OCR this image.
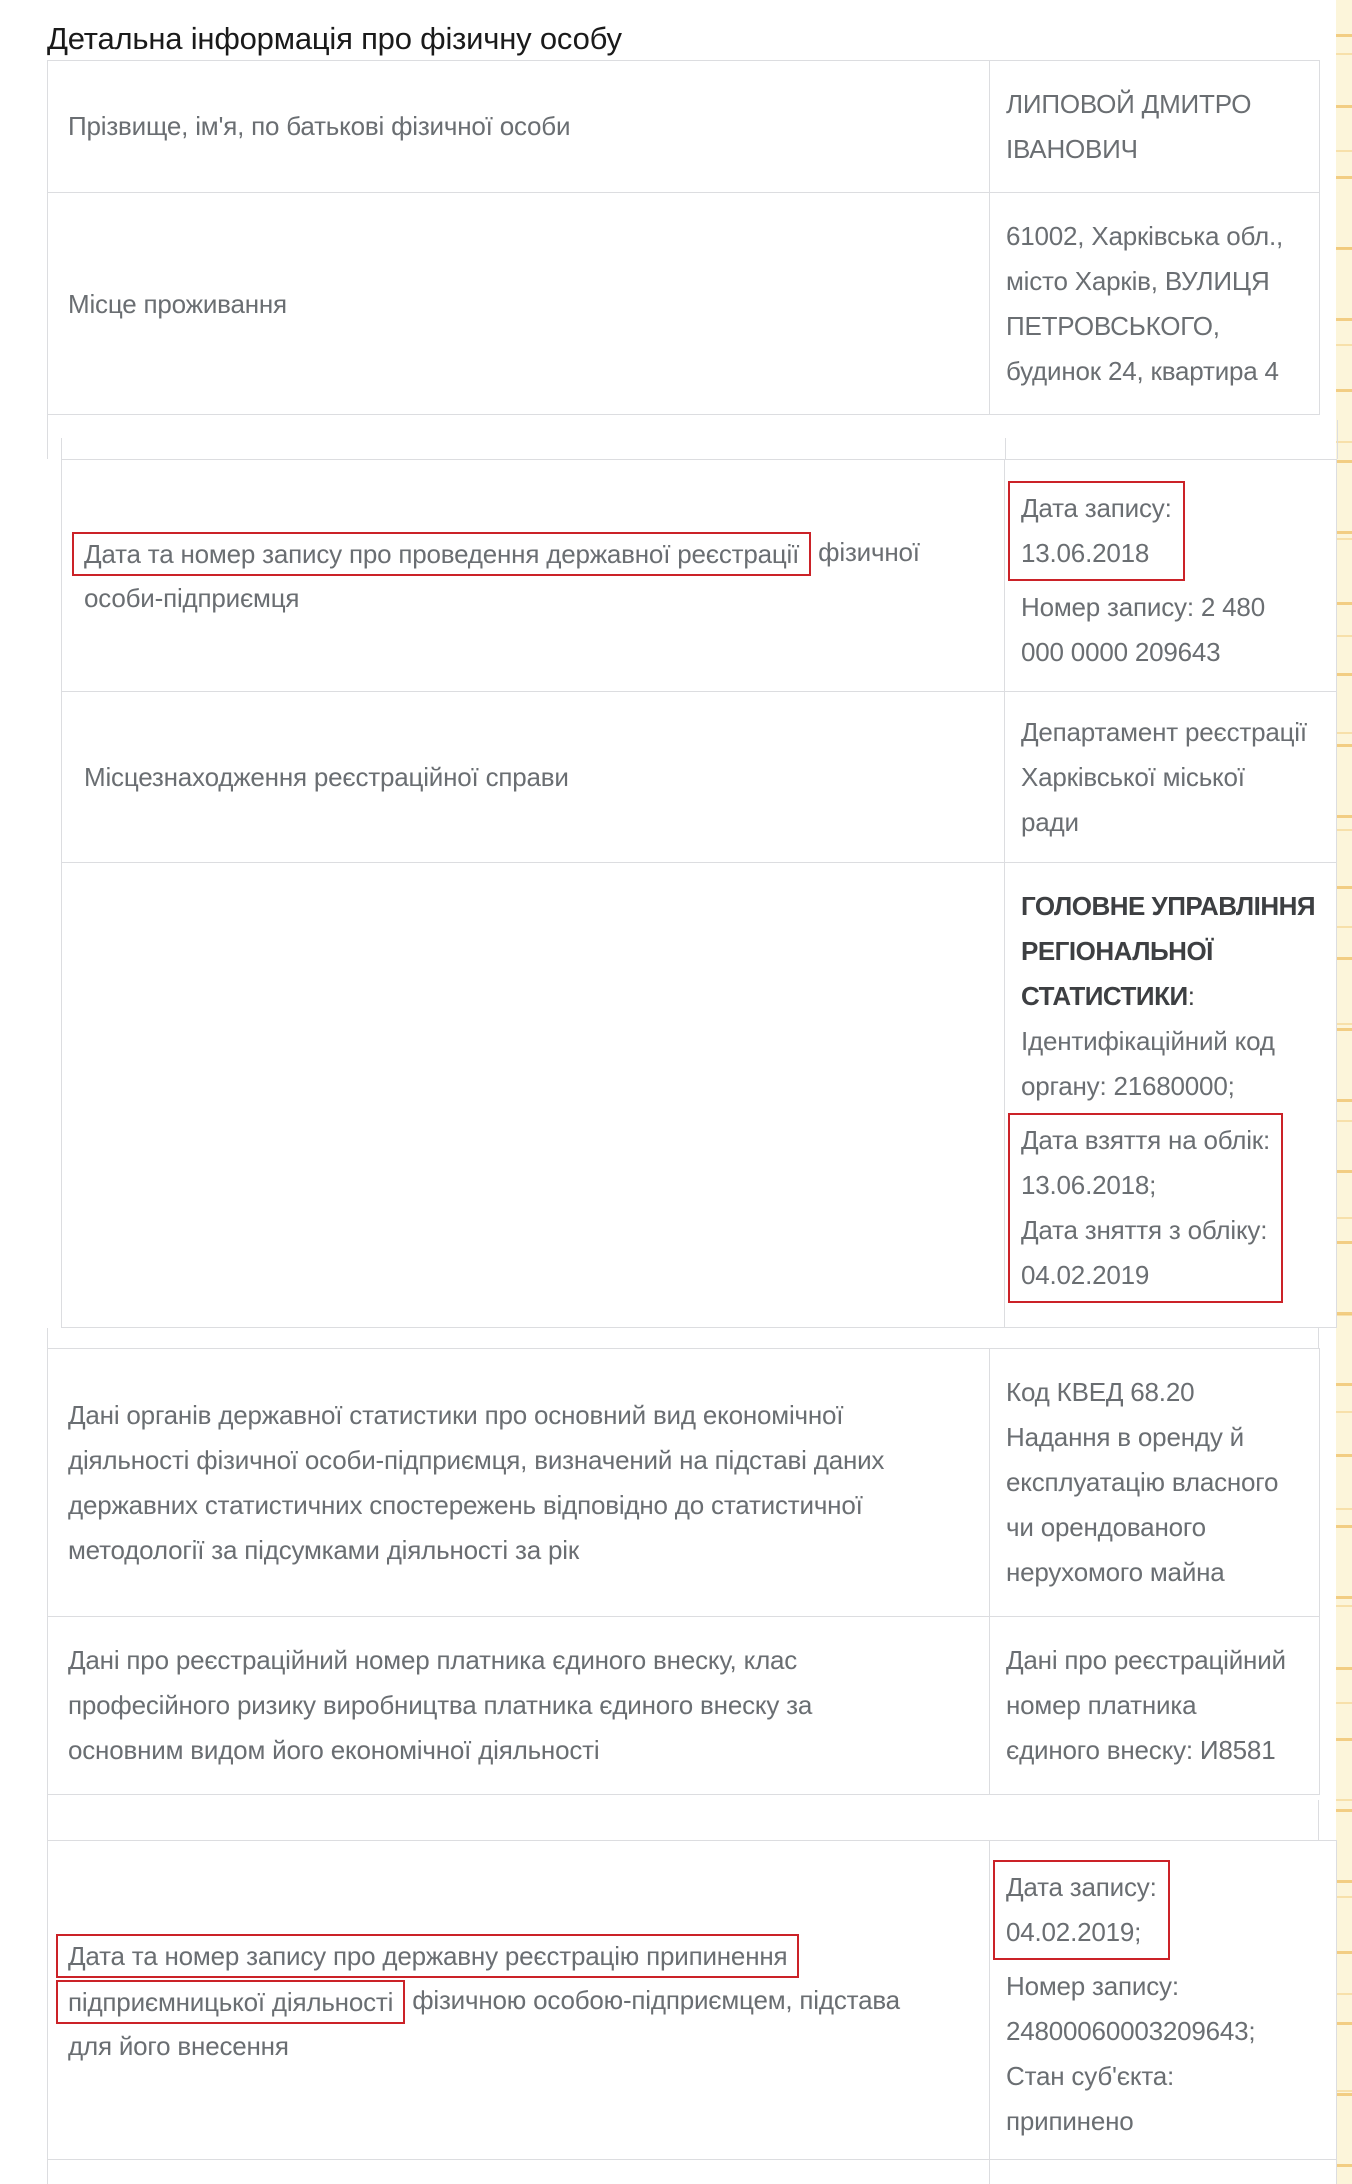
Детальна інформація про фізичну особу
Прізвище, ім'я, по батькові фізичної особи
ЛИПОВОЙ ДМИТРО
ІВАНОВИЧ
Місце проживання
61002, Харківська обл.,
місто Харків, ВУЛИЦЯ
ПЕТРОВСЬКОГО,
будинок 24, квартира 4
Дата та номер запису про проведення державної реєстрації фізичної
особи-підприємця
Дата запису:
13.06.2018
Номер запису: 2 480
000 0000 209643
Місцезнаходження реєстраційної справи
Департамент реєстрації
Харківської міської
ради
ГОЛОВНЕ УПРАВЛІННЯ
РЕГІОНАЛЬНОЇ
СТАТИСТИКИ:
Ідентифікаційний код
органу: 21680000;
Дата взяття на облік:
13.06.2018;
Дата зняття з обліку:
04.02.2019
Дані органів державної статистики про основний вид економічної
діяльності фізичної особи-підприємця, визначений на підставі даних
державних статистичних спостережень відповідно до статистичної
методології за підсумками діяльності за рік
Код КВЕД 68.20
Надання в оренду й
експлуатацію власного
чи орендованого
нерухомого майна
Дані про реєстраційний номер платника єдиного внеску, клас
професійного ризику виробництва платника єдиного внеску за
основним видом його економічної діяльності
Дані про реєстраційний
номер платника
єдиного внеску: И8581
Дата та номер запису про державну реєстрацію припинення
підприємницької діяльності фізичною особою-підприємцем, підстава
для його внесення
Дата запису:
04.02.2019;
Номер запису:
24800060003209643;
Стан суб'єкта:
припинено
